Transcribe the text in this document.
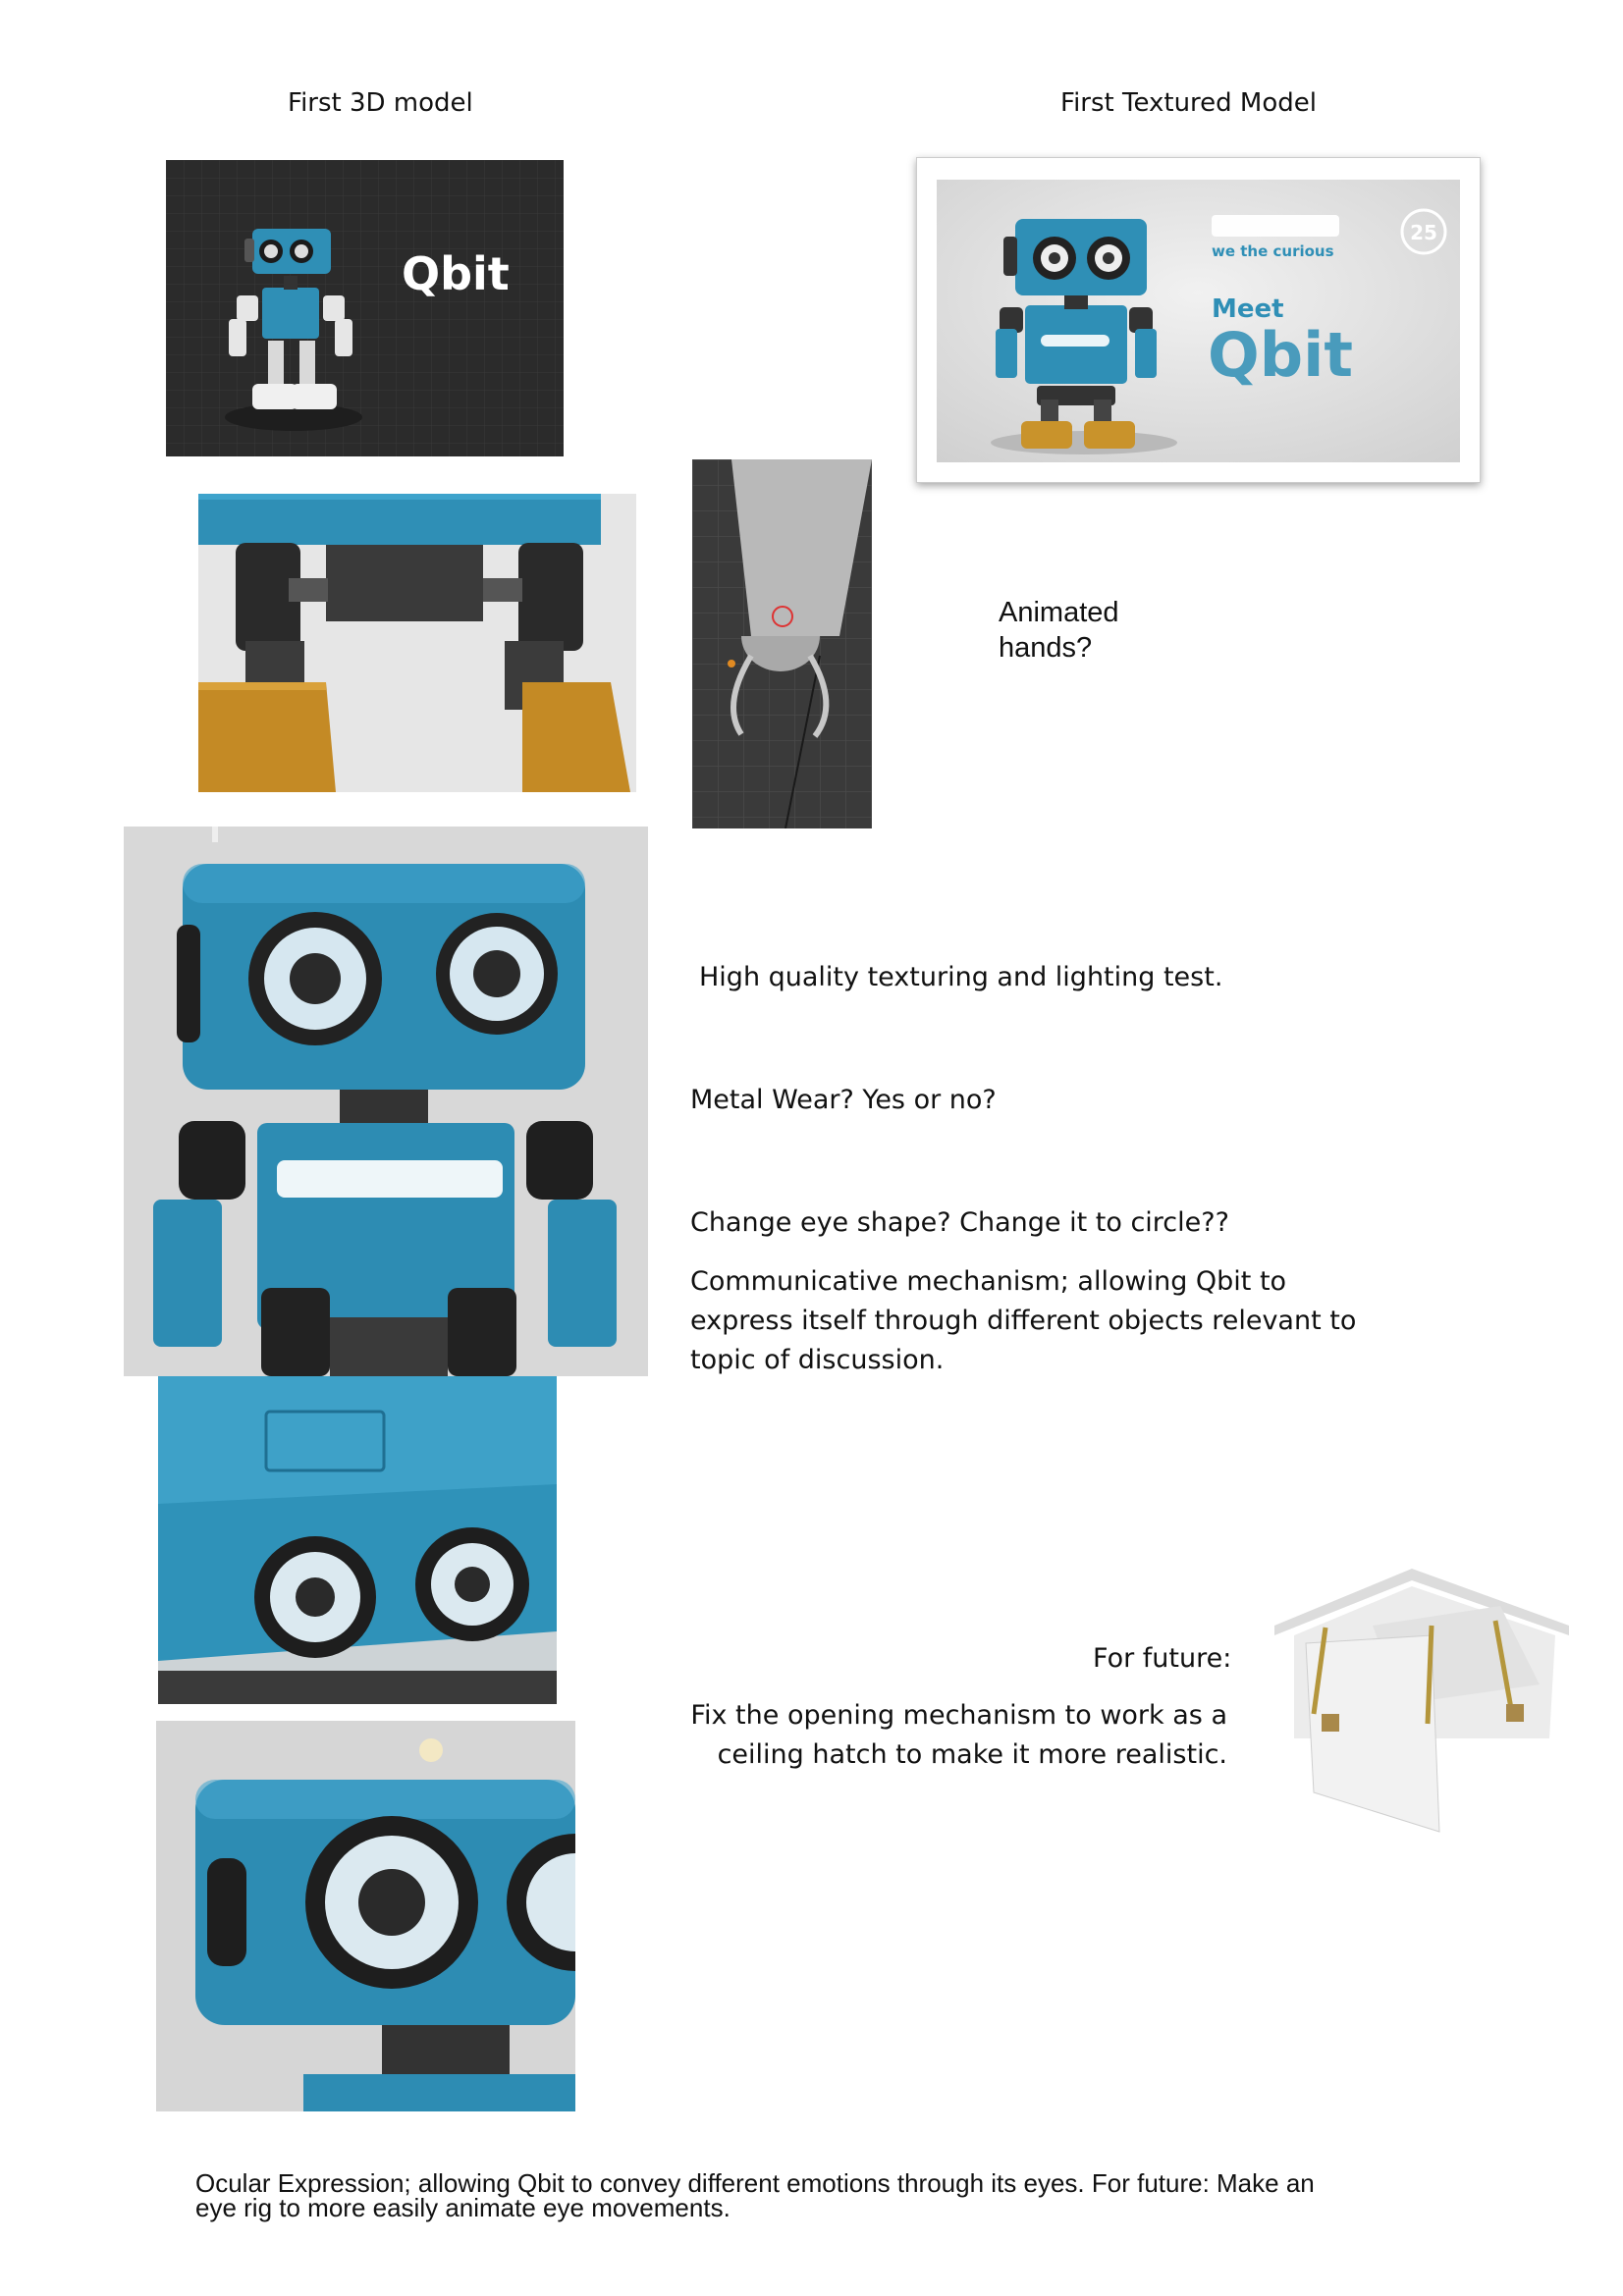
First 3D model	First Textured Model
Qbit	we the curious
25
Meet
Qbit
Animated hands?
High quality texturing and lighting test.
Metal Wear? Yes or no?
Change eye shape? Change it to circle??
Communicative mechanism; allowing Qbit to express itself through different objects relevant to topic of discussion.
For future:
Fix the opening mechanism to work as a ceiling hatch to make it more realistic.
Ocular Expression; allowing Qbit to convey different emotions through its eyes. For future: Make an eye rig to more easily animate eye movements.
